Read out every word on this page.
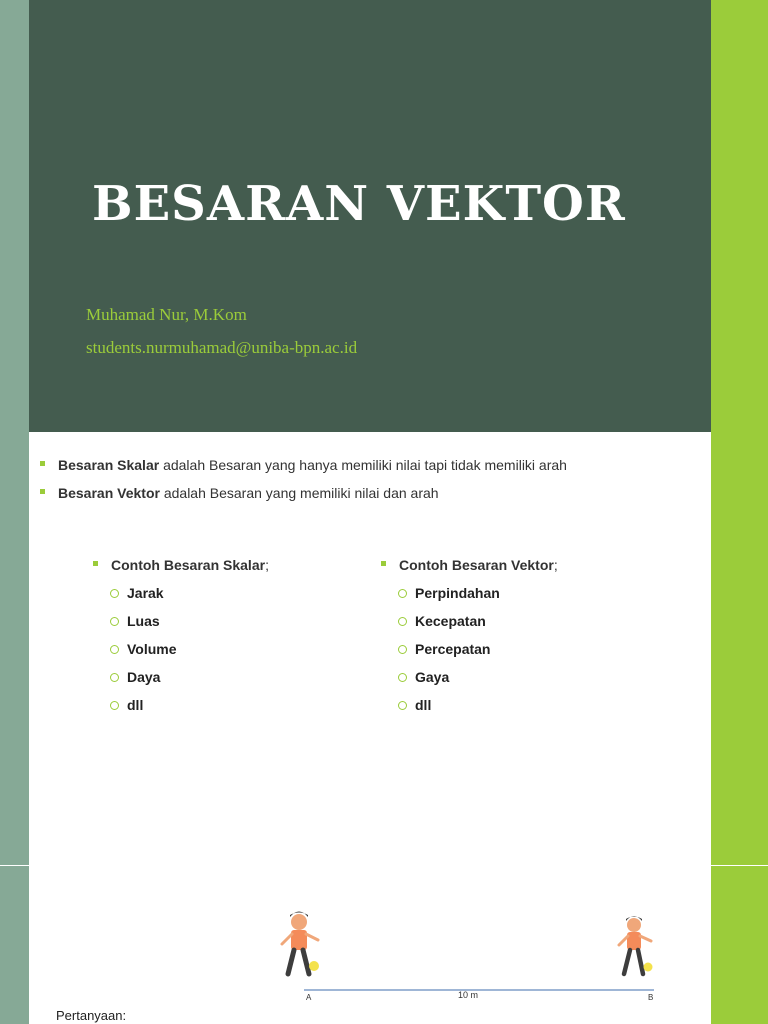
BESARAN VEKTOR
Muhamad Nur, M.Kom
students.nurmuhamad@uniba-bpn.ac.id
Besaran Skalar adalah Besaran yang hanya memiliki nilai tapi tidak memiliki arah
Besaran Vektor adalah Besaran yang memiliki nilai dan arah
Contoh Besaran Skalar;
Jarak
Luas
Volume
Daya
dll
Contoh Besaran Vektor;
Perpindahan
Kecepatan
Percepatan
Gaya
dll
A	B
10 m
Pertanyaan:
